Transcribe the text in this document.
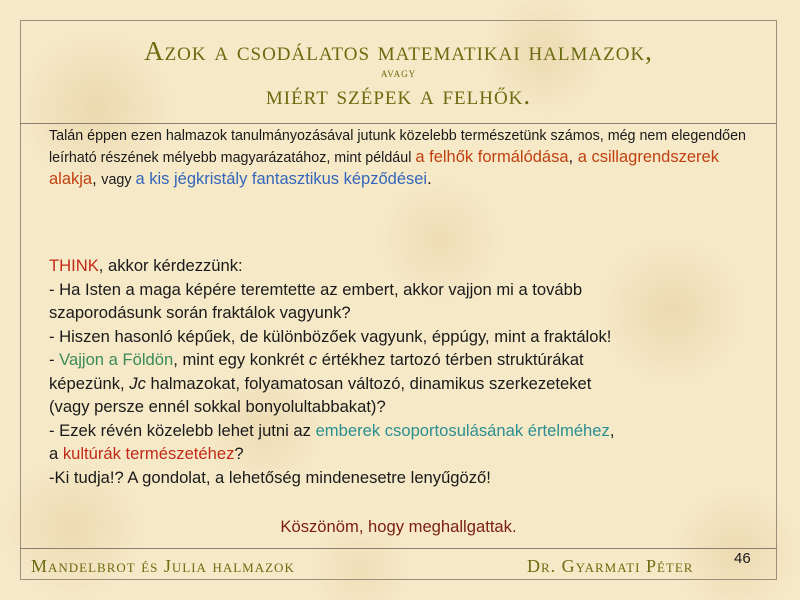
Azok a csodálatos matematikai halmazok,
avagy
miért szépek a felhők.
Talán éppen ezen halmazok tanulmányozásával jutunk közelebb természetünk számos, még nem elegendően leírható részének mélyebb magyarázatához, mint például a felhők formálódása, a csillagrendszerek alakja, vagy a kis jégkristály fantasztikus képződései.

THINK, akkor kérdezzünk:

- Ha Isten a maga képére teremtette az embert, akkor vajjon mi a tovább

szaporodásunk során fraktálok vagyunk?

- Hiszen hasonló képűek, de különbözőek vagyunk, éppúgy, mint a fraktálok!

- Vajjon a Földön, mint egy konkrét c értékhez tartozó térben struktúrákat

képezünk, Jc halmazokat, folyamatosan változó, dinamikus szerkezeteket

(vagy persze ennél sokkal bonyolultabbakat)?

- Ezek révén közelebb lehet jutni az emberek csoportosulásának értelméhez,

a kultúrák természetéhez?

-Ki tudja!? A gondolat, a lehetőség mindenesetre lenyűgöző!

Köszönöm, hogy meghallgattak.
Mandelbrot és Julia halmazok	Dr. Gyarmati Péter	46
